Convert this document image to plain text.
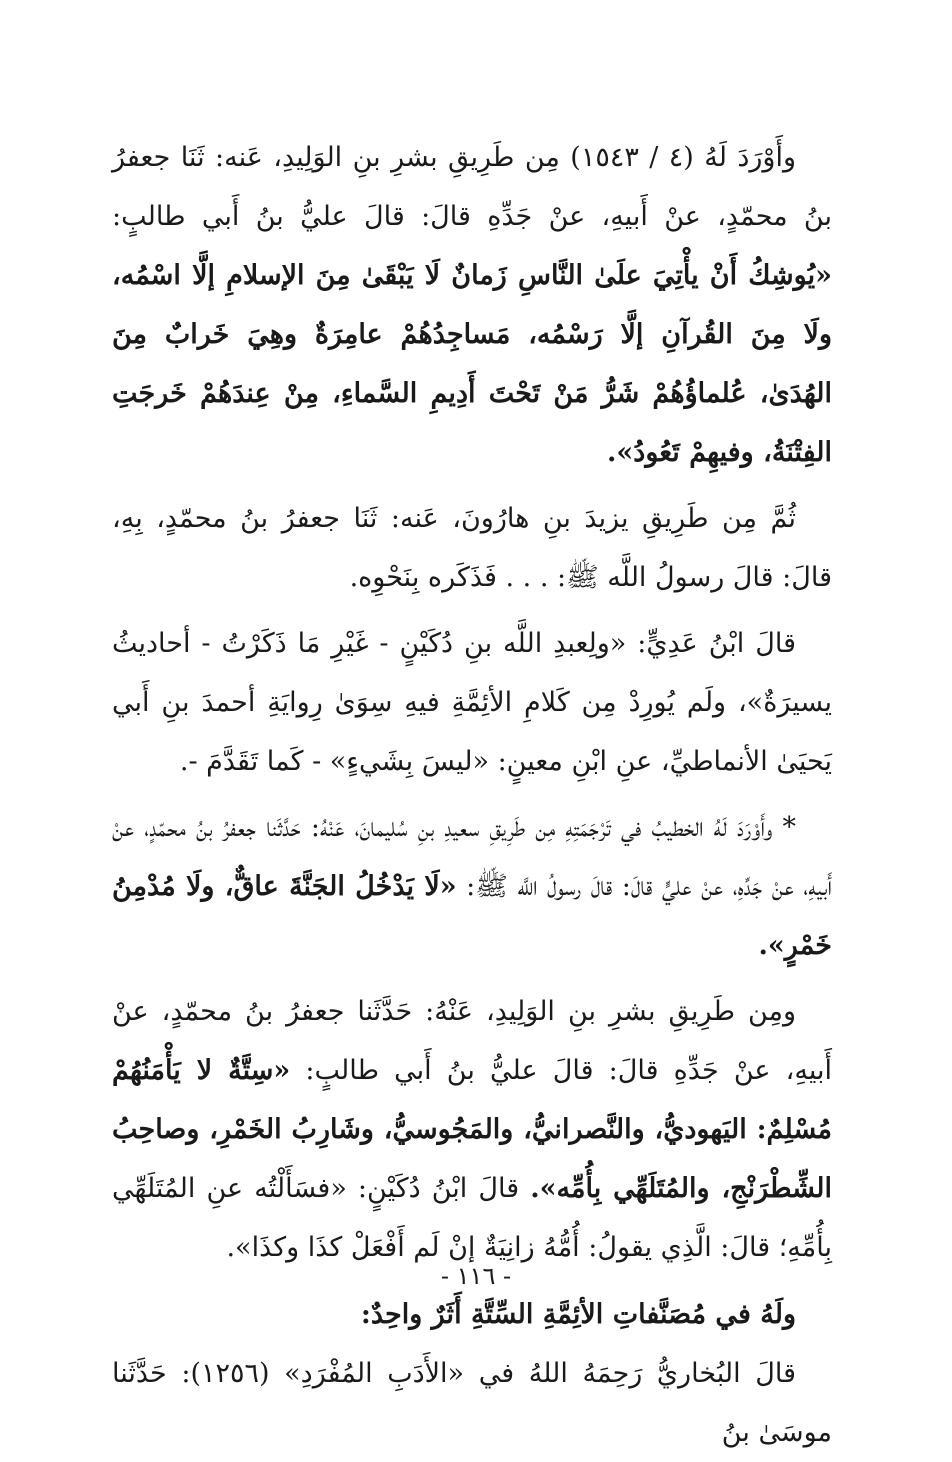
وأَوْرَدَ لَهُ (٤ / ١٥٤٣) مِن طَرِيقِ بشرِ بنِ الوَلِيدِ، عَنه: ثَنَا جعفرُ بنُ محمّدٍ، عنْ أَبيهِ، عنْ جَدِّهِ قالَ: قالَ عليُّ بنُ أَبي طالبٍ: «يُوشِكُ أَنْ يأْتِيَ علَىٰ النَّاسِ زَمانٌ لَا يَبْقَىٰ مِنَ الإسلامِ إلَّا اسْمُه، ولَا مِنَ القُرآنِ إلَّا رَسْمُه، مَساجِدُهُمْ عامِرَةٌ وهِيَ خَرابٌ مِنَ الهُدَىٰ، عُلماؤُهُمْ شَرُّ مَنْ تَحْتَ أَدِيمِ السَّماءِ، مِنْ عِندَهُمْ خَرجَتِ الفِتْنَةُ، وفيهِمْ تَعُودُ».

ثُمَّ مِن طَرِيقِ يزيدَ بنِ هارُونَ، عَنه: ثَنَا جعفرُ بنُ محمّدٍ، بِهِ، قالَ: قالَ رسولُ اللَّه ﷺ: . . . فَذَكَره بِنَحْوِه.

قالَ ابْنُ عَدِيٍّ: «ولِعبدِ اللَّه بنِ دُكَيْنٍ - غَيْرِ مَا ذَكَرْتُ - أحاديثُ يسيرَةٌ»، ولَم يُورِدْ مِن كَلامِ الأئِمَّةِ فيهِ سِوَىٰ رِوايَةِ أحمدَ بنِ أَبي يَحيَىٰ الأنماطيِّ، عنِ ابْنِ معينٍ: «ليسَ بِشَيءٍ» - كَما تَقَدَّمَ -.

* وأَوْرَدَ لَهُ الخطيبُ في تَرْجَمَتِهِ مِن طَرِيقِ سعيدِ بنِ سُليمانَ، عَنْهُ: حَدَّثَنا جعفرُ بنُ محمّدٍ، عنْ أَبيهِ، عنْ جَدِّهِ، عنْ عليٍّ قالَ: قالَ رسولُ اللَّه ﷺ: «لَا يَدْخُلُ الجَنَّةَ عاقٌّ، ولَا مُدْمِنُ خَمْرٍ».

ومِن طَرِيقِ بشرِ بنِ الوَلِيدِ، عَنْهُ: حَدَّثَنا جعفرُ بنُ محمّدٍ، عنْ أَبيهِ، عنْ جَدِّهِ قالَ: قالَ عليُّ بنُ أَبي طالبٍ: «سِتَّةٌ لا يَأْمَنُهُمْ مُسْلِمٌ: اليَهوديُّ، والنَّصرانيُّ، والمَجُوسيُّ، وشَارِبُ الخَمْرِ، وصاحِبُ الشِّطْرَنْجِ، والمُتَلَهِّي بِأُمِّه». قالَ ابْنُ دُكَيْنٍ: «فسَأَلْتُه عنِ المُتَلَهِّي بِأُمِّهِ؛ قالَ: الَّذِي يقولُ: أُمُّهُ زانِيَةٌ إنْ لَم أَفْعَلْ كذَا وكذَا».

ولَهُ في مُصَنَّفاتِ الأئِمَّةِ السِّتَّةِ أَثَرٌ واحِدٌ:

قالَ البُخاريُّ رَحِمَهُ اللهُ في «الأَدَبِ المُفْرَدِ» (١٢٥٦): حَدَّثَنا موسَىٰ بنُ

- ١١٦ -
